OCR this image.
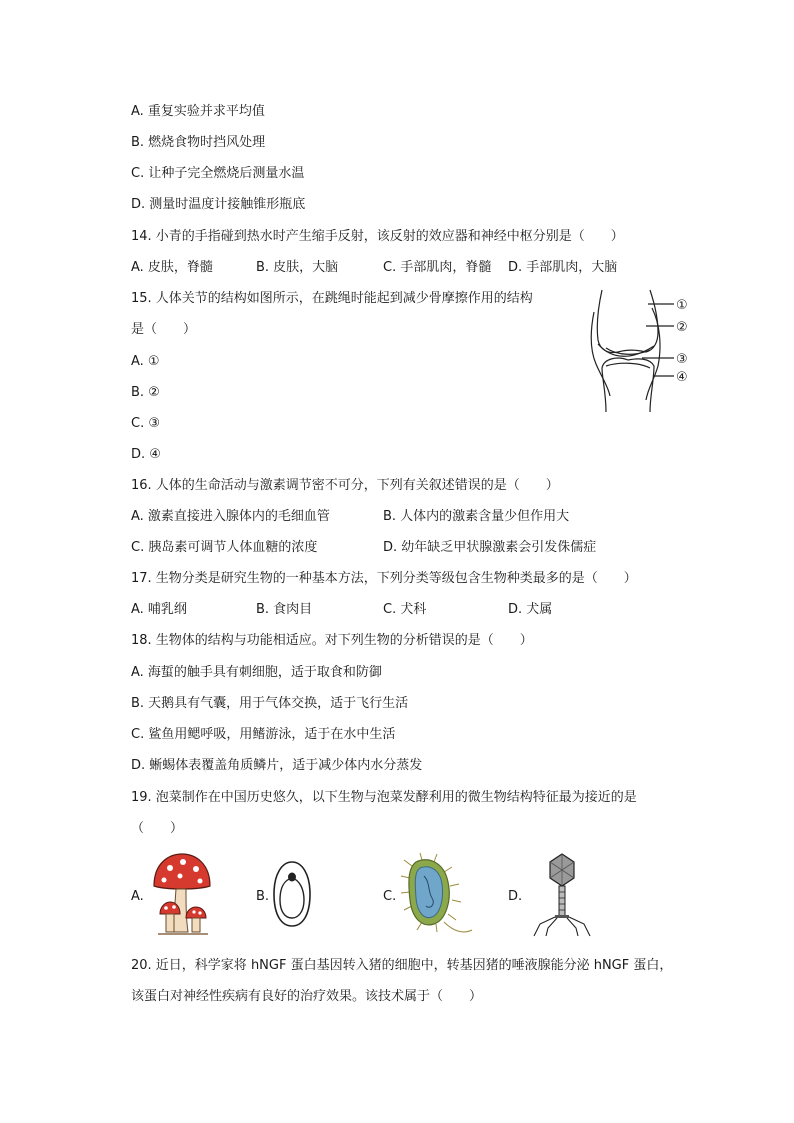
A. 重复实验并求平均值
B. 燃烧食物时挡风处理
C. 让种子完全燃烧后测量水温
D. 测量时温度计接触锥形瓶底
14. 小青的手指碰到热水时产生缩手反射，该反射的效应器和神经中枢分别是（　　）
A. 皮肤，脊髓	B. 皮肤，大脑	C. 手部肌肉，脊髓 D. 手部肌肉，大脑
15. 人体关节的结构如图所示，在跳绳时能起到减少骨摩擦作用的结构
是（　　）
A. ①
B. ②
C. ③
D. ④
①
②
③
④
16. 人体的生命活动与激素调节密不可分，下列有关叙述错误的是（　　）
A. 激素直接进入腺体内的毛细血管	B. 人体内的激素含量少但作用大
C. 胰岛素可调节人体血糖的浓度	D. 幼年缺乏甲状腺激素会引发侏儒症
17. 生物分类是研究生物的一种基本方法，下列分类等级包含生物种类最多的是（　　）
A. 哺乳纲	B. 食肉目	C. 犬科	D. 犬属
18. 生物体的结构与功能相适应。对下列生物的分析错误的是（　　）
A. 海蜇的触手具有刺细胞，适于取食和防御
B. 天鹅具有气囊，用于气体交换，适于飞行生活
C. 鲨鱼用鳃呼吸，用鳍游泳，适于在水中生活
D. 蜥蜴体表覆盖角质鳞片，适于减少体内水分蒸发
19. 泡菜制作在中国历史悠久，以下生物与泡菜发酵利用的微生物结构特征最为接近的是
（　　）
A.	B.	C.	D.
20. 近日，科学家将 hNGF 蛋白基因转入猪的细胞中，转基因猪的唾液腺能分泌 hNGF 蛋白，
该蛋白对神经性疾病有良好的治疗效果。该技术属于（　　）
